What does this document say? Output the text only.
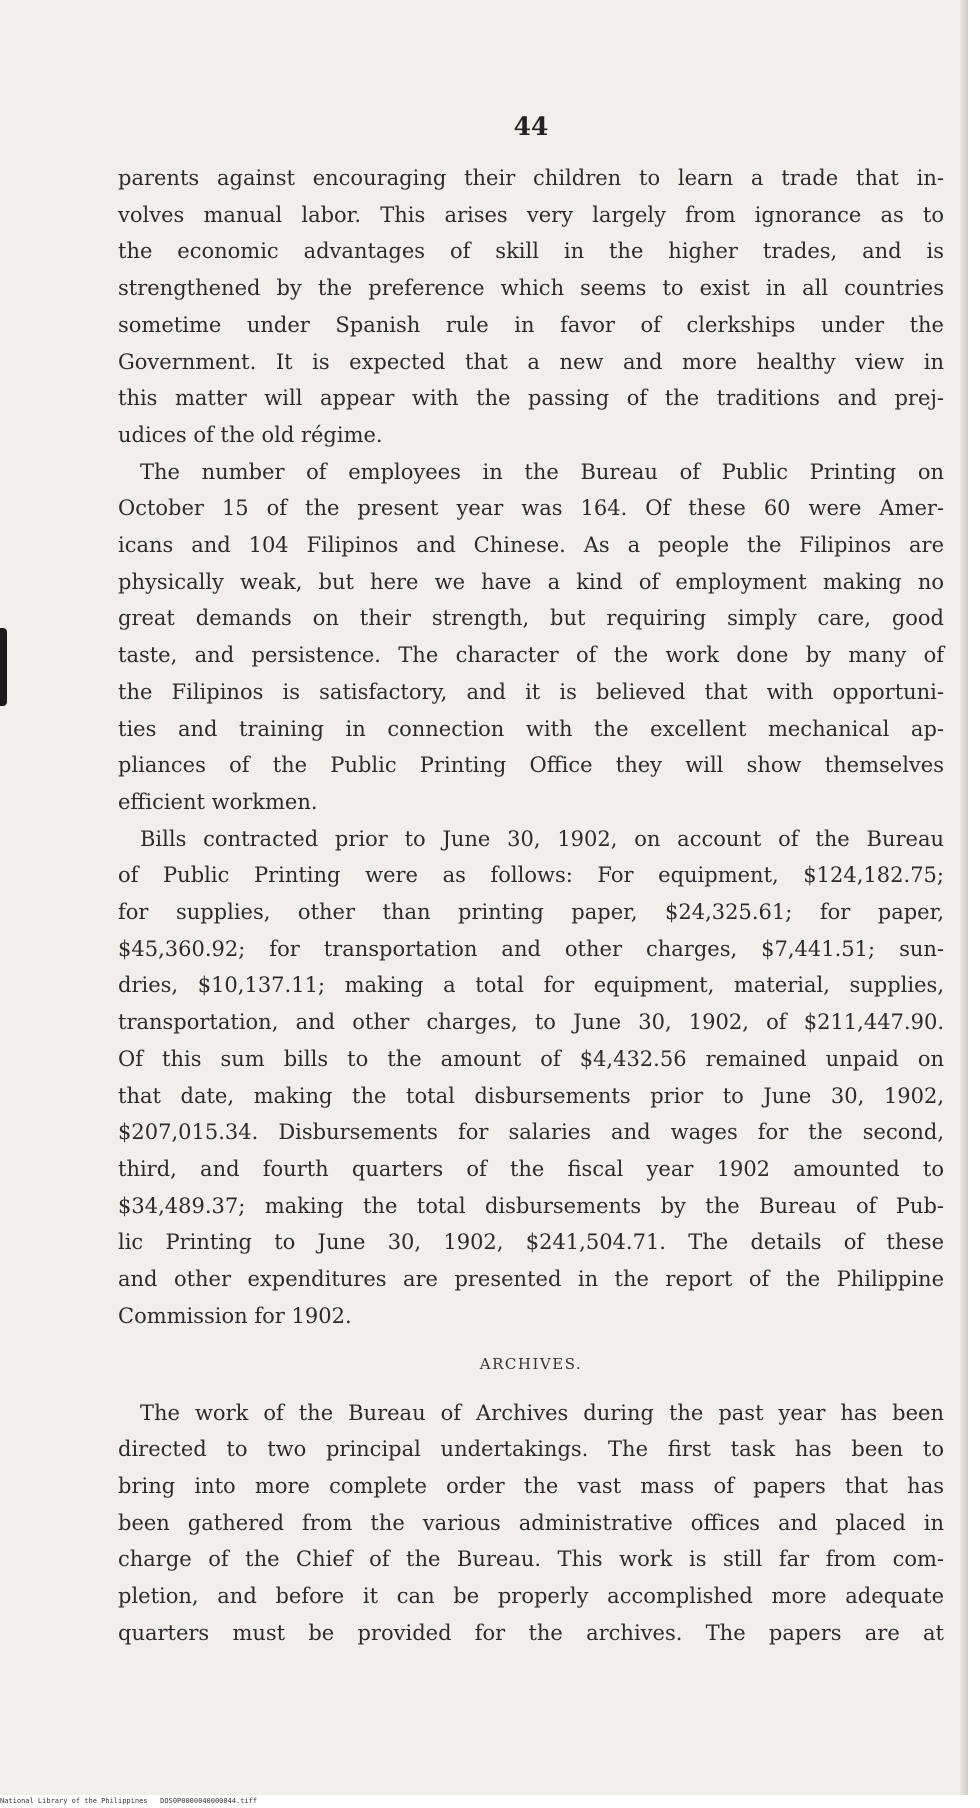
44

parents against encouraging their children to learn a trade that in-
volves manual labor. This arises very largely from ignorance as to
the economic advantages of skill in the higher trades, and is
strengthened by the preference which seems to exist in all countries
sometime under Spanish rule in favor of clerkships under the
Government. It is expected that a new and more healthy view in
this matter will appear with the passing of the traditions and prej-
udices of the old régime.

The number of employees in the Bureau of Public Printing on
October 15 of the present year was 164. Of these 60 were Amer-
icans and 104 Filipinos and Chinese. As a people the Filipinos are
physically weak, but here we have a kind of employment making no
great demands on their strength, but requiring simply care, good
taste, and persistence. The character of the work done by many of
the Filipinos is satisfactory, and it is believed that with opportuni-
ties and training in connection with the excellent mechanical ap-
pliances of the Public Printing Office they will show themselves
efficient workmen.

Bills contracted prior to June 30, 1902, on account of the Bureau
of Public Printing were as follows: For equipment, $124,182.75;
for supplies, other than printing paper, $24,325.61; for paper,
$45,360.92; for transportation and other charges, $7,441.51; sun-
dries, $10,137.11; making a total for equipment, material, supplies,
transportation, and other charges, to June 30, 1902, of $211,447.90.
Of this sum bills to the amount of $4,432.56 remained unpaid on
that date, making the total disbursements prior to June 30, 1902,
$207,015.34. Disbursements for salaries and wages for the second,
third, and fourth quarters of the fiscal year 1902 amounted to
$34,489.37; making the total disbursements by the Bureau of Pub-
lic Printing to June 30, 1902, $241,504.71. The details of these
and other expenditures are presented in the report of the Philippine
Commission for 1902.

ARCHIVES.

The work of the Bureau of Archives during the past year has been
directed to two principal undertakings. The first task has been to
bring into more complete order the vast mass of papers that has
been gathered from the various administrative offices and placed in
charge of the Chief of the Bureau. This work is still far from com-
pletion, and before it can be properly accomplished more adequate
quarters must be provided for the archives. The papers are at

National Library of the Philippines DOS0P0000040000044.tiff
